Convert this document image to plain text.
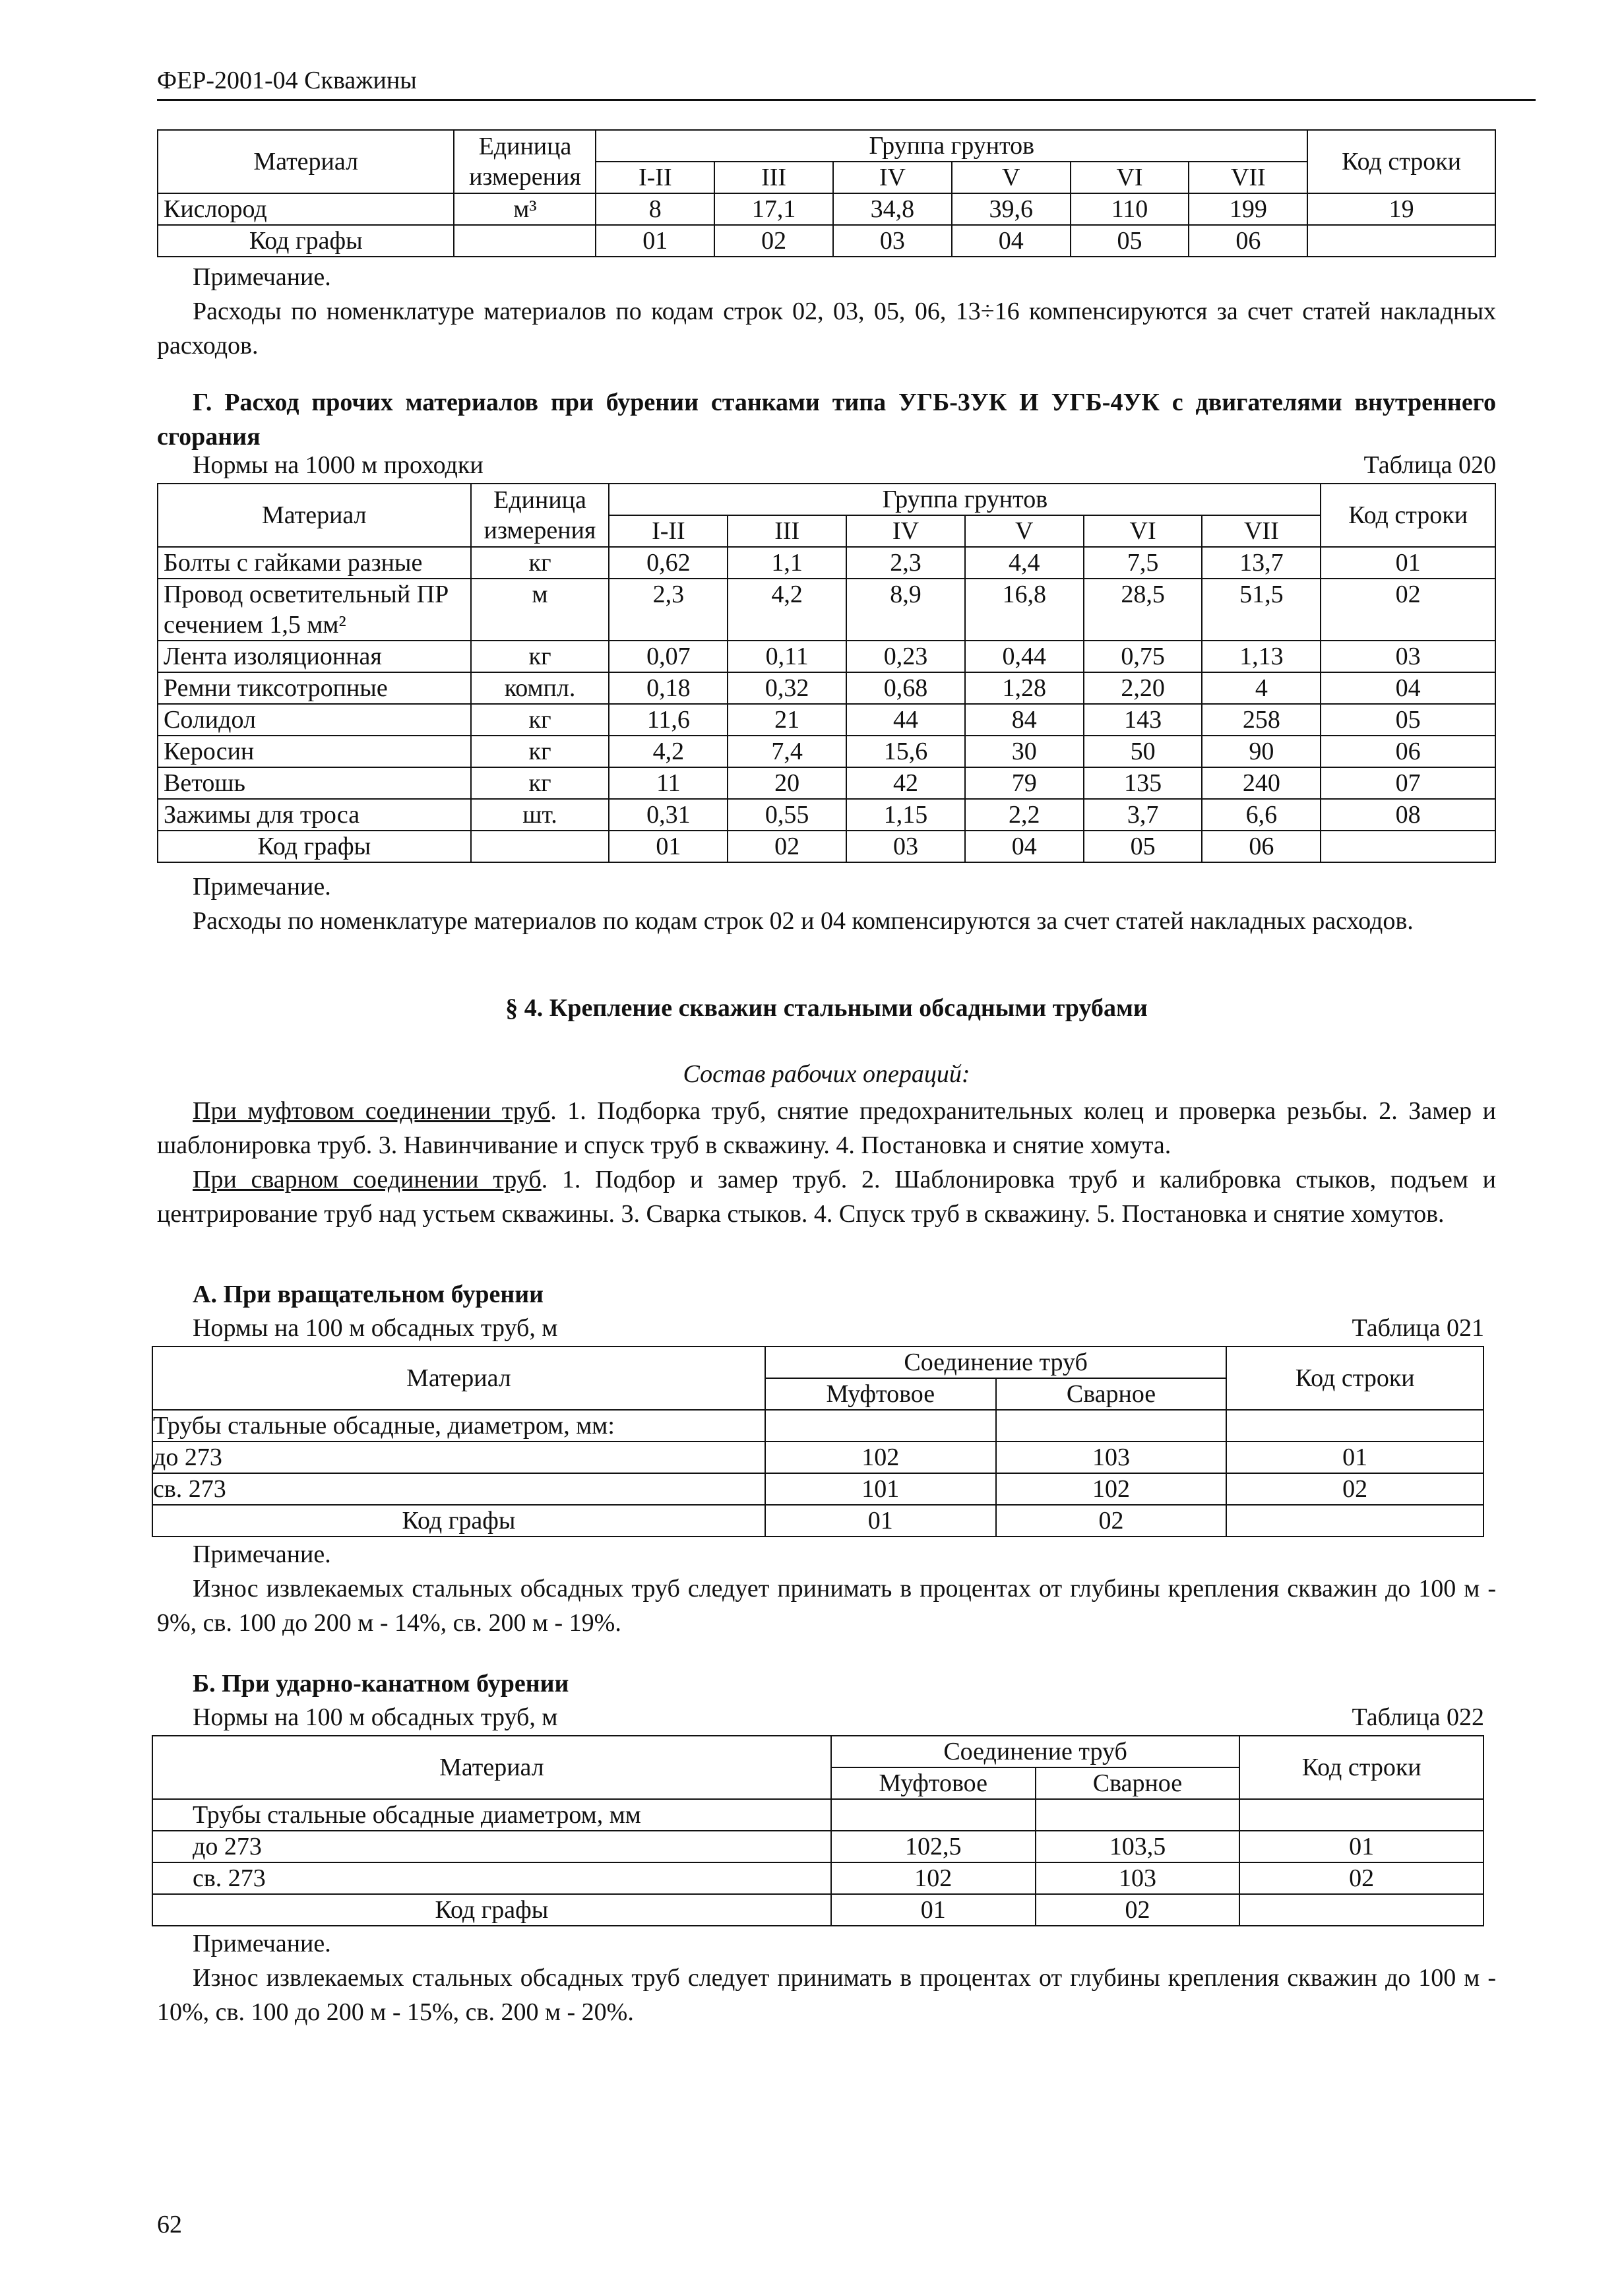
ФЕР-2001-04 Скважины
Материал	Единица измерения	Группа грунтов						Код строки
		I-II	III	IV	V	VI	VII	
Кислород	м³	8	17,1	34,8	39,6	110	199	19
Код графы		01	02	03	04	05	06	
Примечание.
Расходы по номенклатуре материалов по кодам строк 02, 03, 05, 06, 13÷16 компенсируются за счет статей накладных расходов.
Г. Расход прочих материалов при бурении станками типа УГБ-3УК И УГБ-4УК с двигателями внутреннего сгорания
Нормы на 1000 м проходки	Таблица 020
Материал	Единица измерения	Группа грунтов						Код строки
		I-II	III	IV	V	VI	VII	
Болты с гайками разные	кг	0,62	1,1	2,3	4,4	7,5	13,7	01
Провод осветительный ПР сечением 1,5 мм²	м	2,3	4,2	8,9	16,8	28,5	51,5	02
Лента изоляционная	кг	0,07	0,11	0,23	0,44	0,75	1,13	03
Ремни тиксотропные	компл.	0,18	0,32	0,68	1,28	2,20	4	04
Солидол	кг	11,6	21	44	84	143	258	05
Керосин	кг	4,2	7,4	15,6	30	50	90	06
Ветошь	кг	11	20	42	79	135	240	07
Зажимы для троса	шт.	0,31	0,55	1,15	2,2	3,7	6,6	08
Код графы		01	02	03	04	05	06	
Примечание.
Расходы по номенклатуре материалов по кодам строк 02 и 04 компенсируются за счет статей накладных расходов.
§ 4. Крепление скважин стальными обсадными трубами
Состав рабочих операций:
При муфтовом соединении труб. 1. Подборка труб, снятие предохранительных колец и проверка резьбы. 2. Замер и шаблонировка труб. 3. Навинчивание и спуск труб в скважину. 4. Постановка и снятие хомута.
При сварном соединении труб. 1. Подбор и замер труб. 2. Шаблонировка труб и калибровка стыков, подъем и центрирование труб над устьем скважины. 3. Сварка стыков. 4. Спуск труб в скважину. 5. Постановка и снятие хомутов.
А. При вращательном бурении
Нормы на 100 м обсадных труб, м	Таблица 021
Материал	Соединение труб		Код строки
	Муфтовое	Сварное	
Трубы стальные обсадные, диаметром, мм:			
до 273	102	103	01
св. 273	101	102	02
Код графы	01	02	
Примечание.
Износ извлекаемых стальных обсадных труб следует принимать в процентах от глубины крепления скважин до 100 м - 9%, св. 100 до 200 м - 14%, св. 200 м - 19%.
Б. При ударно-канатном бурении
Нормы на 100 м обсадных труб, м	Таблица 022
Материал	Соединение труб		Код строки
	Муфтовое	Сварное	
Трубы стальные обсадные диаметром, мм			
до 273	102,5	103,5	01
св. 273	102	103	02
Код графы	01	02	
Примечание.
Износ извлекаемых стальных обсадных труб следует принимать в процентах от глубины крепления скважин до 100 м - 10%, св. 100 до 200 м - 15%, св. 200 м - 20%.
62
